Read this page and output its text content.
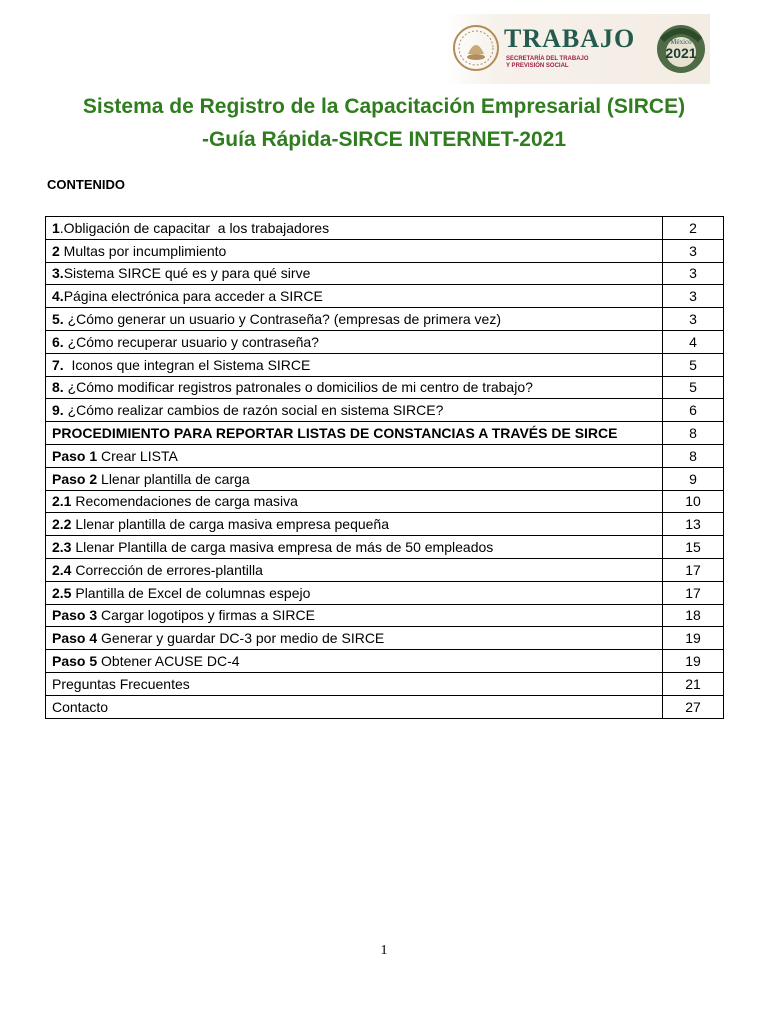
TRABAJO
SECRETARÍA DEL TRABAJO
Y PREVISIÓN SOCIAL
México
2021
Sistema de Registro de la Capacitación Empresarial (SIRCE)
-Guía Rápida-SIRCE INTERNET-2021
CONTENIDO
1.Obligación de capacitar  a los trabajadores	2
2 Multas por incumplimiento	3
3.Sistema SIRCE qué es y para qué sirve	3
4.Página electrónica para acceder a SIRCE	3
5. ¿Cómo generar un usuario y Contraseña? (empresas de primera vez)	3
6. ¿Cómo recuperar usuario y contraseña?	4
7.  Iconos que integran el Sistema SIRCE	5
8. ¿Cómo modificar registros patronales o domicilios de mi centro de trabajo?	5
9. ¿Cómo realizar cambios de razón social en sistema SIRCE?	6
PROCEDIMIENTO PARA REPORTAR LISTAS DE CONSTANCIAS A TRAVÉS DE SIRCE	8
Paso 1 Crear LISTA	8
Paso 2 Llenar plantilla de carga	9
2.1 Recomendaciones de carga masiva	10
2.2 Llenar plantilla de carga masiva empresa pequeña	13
2.3 Llenar Plantilla de carga masiva empresa de más de 50 empleados	15
2.4 Corrección de errores-plantilla	17
2.5 Plantilla de Excel de columnas espejo	17
Paso 3 Cargar logotipos y firmas a SIRCE	18
Paso 4 Generar y guardar DC-3 por medio de SIRCE	19
Paso 5 Obtener ACUSE DC-4	19
Preguntas Frecuentes	21
Contacto	27
1
